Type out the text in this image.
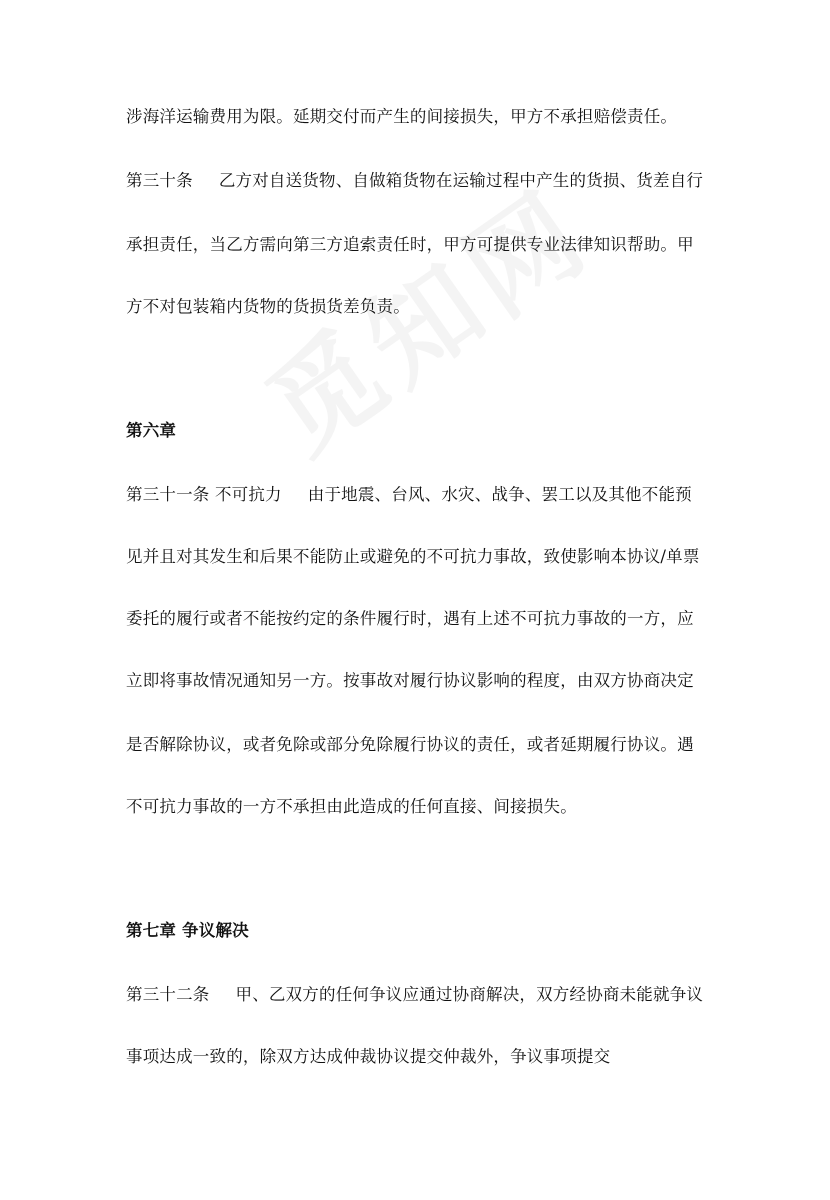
涉海洋运输费用为限。延期交付而产生的间接损失，甲方不承担赔偿责任。
第三十条 乙方对自送货物、自做箱货物在运输过程中产生的货损、货差自行
承担责任，当乙方需向第三方追索责任时，甲方可提供专业法律知识帮助。甲
方不对包装箱内货物的货损货差负责。
第六章
第三十一条 不可抗力 由于地震、台风、水灾、战争、罢工以及其他不能预
见并且对其发生和后果不能防止或避免的不可抗力事故，致使影响本协议/单票
委托的履行或者不能按约定的条件履行时，遇有上述不可抗力事故的一方，应
立即将事故情况通知另一方。按事故对履行协议影响的程度，由双方协商决定
是否解除协议，或者免除或部分免除履行协议的责任，或者延期履行协议。遇
不可抗力事故的一方不承担由此造成的任何直接、间接损失。
第七章 争议解决
第三十二条 甲、乙双方的任何争议应通过协商解决，双方经协商未能就争议
事项达成一致的，除双方达成仲裁协议提交仲裁外，争议事项提交
